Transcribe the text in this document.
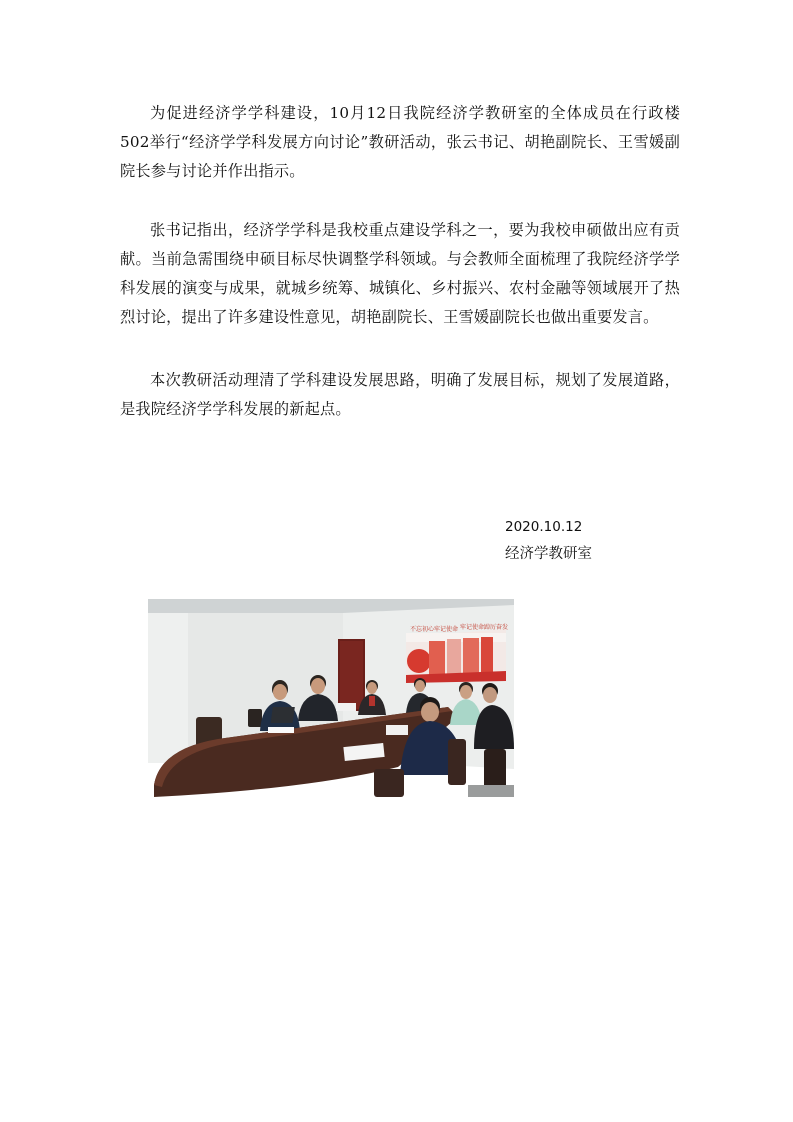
为促进经济学学科建设，10月12日我院经济学教研室的全体成员在行政楼502举行“经济学学科发展方向讨论”教研活动，张云书记、胡艳副院长、王雪媛副院长参与讨论并作出指示。

张书记指出，经济学学科是我校重点建设学科之一，要为我校申硕做出应有贡献。当前急需围绕申硕目标尽快调整学科领域。与会教师全面梳理了我院经济学学科发展的演变与成果，就城乡统筹、城镇化、乡村振兴、农村金融等领域展开了热烈讨论，提出了许多建设性意见，胡艳副院长、王雪媛副院长也做出重要发言。

本次教研活动理清了学科建设发展思路，明确了发展目标，规划了发展道路，是我院经济学学科发展的新起点。

2020.10.12
经济学教研室
不忘初心牢记使命 牢记使命踔厉奋发
